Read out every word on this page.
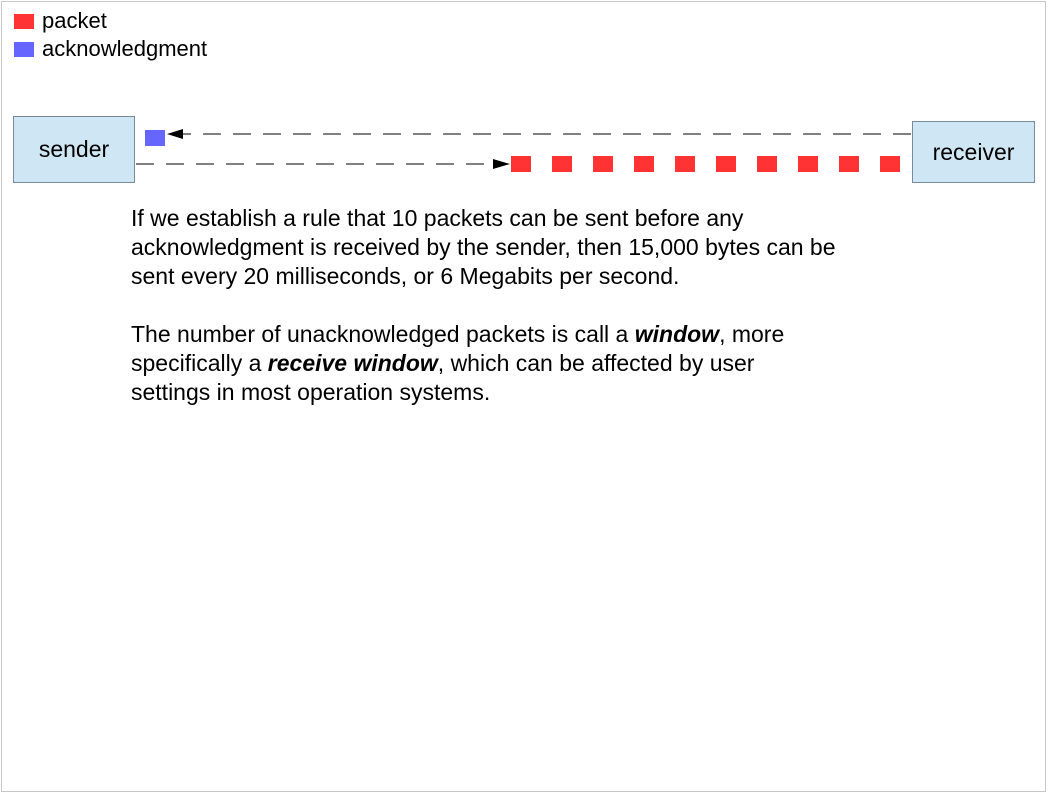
packet
acknowledgment
sender	receiver
If we establish a rule that 10 packets can be sent before any
acknowledgment is received by the sender, then 15,000 bytes can be
sent every 20 milliseconds, or 6 Megabits per second.
The number of unacknowledged packets is call a window, more
specifically a receive window, which can be affected by user
settings in most operation systems.
